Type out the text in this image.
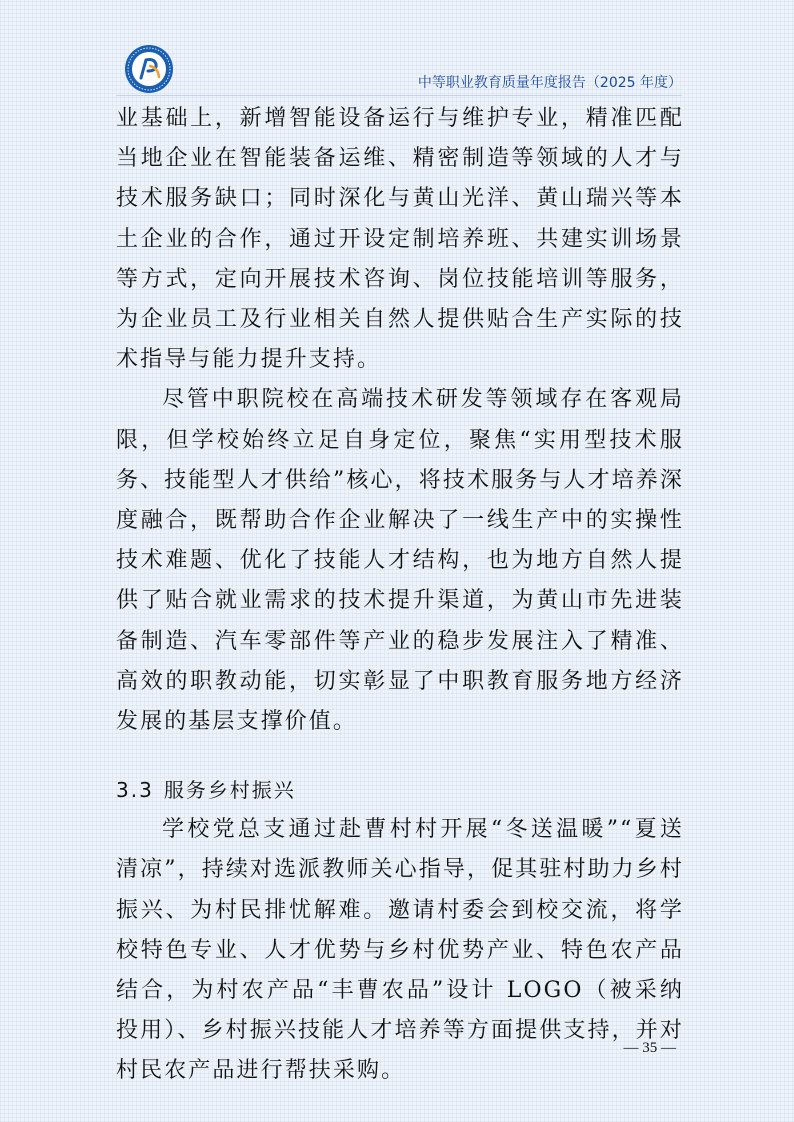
中等职业教育质量年度报告（2025 年度）

业基础上，新增智能设备运行与维护专业，精准匹配当地企业在智能装备运维、精密制造等领域的人才与技术服务缺口；同时深化与黄山光洋、黄山瑞兴等本土企业的合作，通过开设定制培养班、共建实训场景等方式，定向开展技术咨询、岗位技能培训等服务，为企业员工及行业相关自然人提供贴合生产实际的技术指导与能力提升支持。

尽管中职院校在高端技术研发等领域存在客观局限，但学校始终立足自身定位，聚焦“实用型技术服务、技能型人才供给”核心，将技术服务与人才培养深度融合，既帮助合作企业解决了一线生产中的实操性技术难题、优化了技能人才结构，也为地方自然人提供了贴合就业需求的技术提升渠道，为黄山市先进装备制造、汽车零部件等产业的稳步发展注入了精准、高效的职教动能，切实彰显了中职教育服务地方经济发展的基层支撑价值。

3.3 服务乡村振兴

学校党总支通过赴曹村村开展“冬送温暖”“夏送清凉”，持续对选派教师关心指导，促其驻村助力乡村振兴、为村民排忧解难。邀请村委会到校交流，将学校特色专业、人才优势与乡村优势产业、特色农产品结合，为村农产品“丰曹农品”设计 LOGO（被采纳投用）、乡村振兴技能人才培养等方面提供支持，并对村民农产品进行帮扶采购。

— 35 —
